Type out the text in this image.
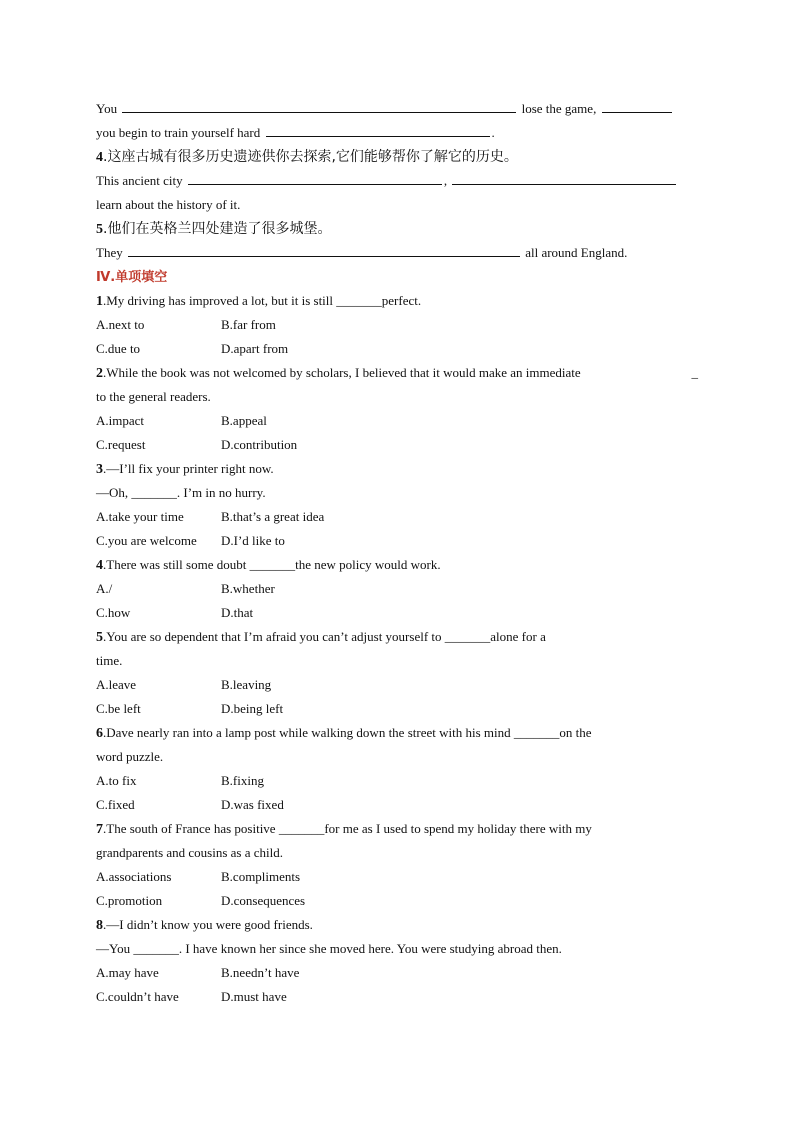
You	lose the game,
you begin to train yourself hard	.
4.这座古城有很多历史遗迹供你去探索,它们能够帮你了解它的历史。
This ancient city	,
learn about the history of it.
5.他们在英格兰四处建造了很多城堡。
They	all around England.
Ⅳ.单项填空
1.My driving has improved a lot, but it is still _______perfect.
A.next to	B.far from
C.due to	D.apart from
2.While the book was not welcomed by scholars, I believed that it would make an immediate	_
to the general readers.
A.impact	B.appeal
C.request	D.contribution
3.—I’ll fix your printer right now.
—Oh, _______. I’m in no hurry.
A.take your time	B.that’s a great idea
C.you are welcome D.I’d like to
4.There was still some doubt _______the new policy would work.
A./	B.whether
C.how	D.that
5.You are so dependent that I’m afraid you can’t adjust yourself to _______alone for a
time.
A.leave	B.leaving
C.be left	D.being left
6.Dave nearly ran into a lamp post while walking down the street with his mind _______on the
word puzzle.
A.to fix	B.fixing
C.fixed	D.was fixed
7.The south of France has positive _______for me as I used to spend my holiday there with my
grandparents and cousins as a child.
A.associations	B.compliments
C.promotion	D.consequences
8.—I didn’t know you were good friends.
—You _______. I have known her since she moved here. You were studying abroad then.
A.may have	B.needn’t have
C.couldn’t have	D.must have
